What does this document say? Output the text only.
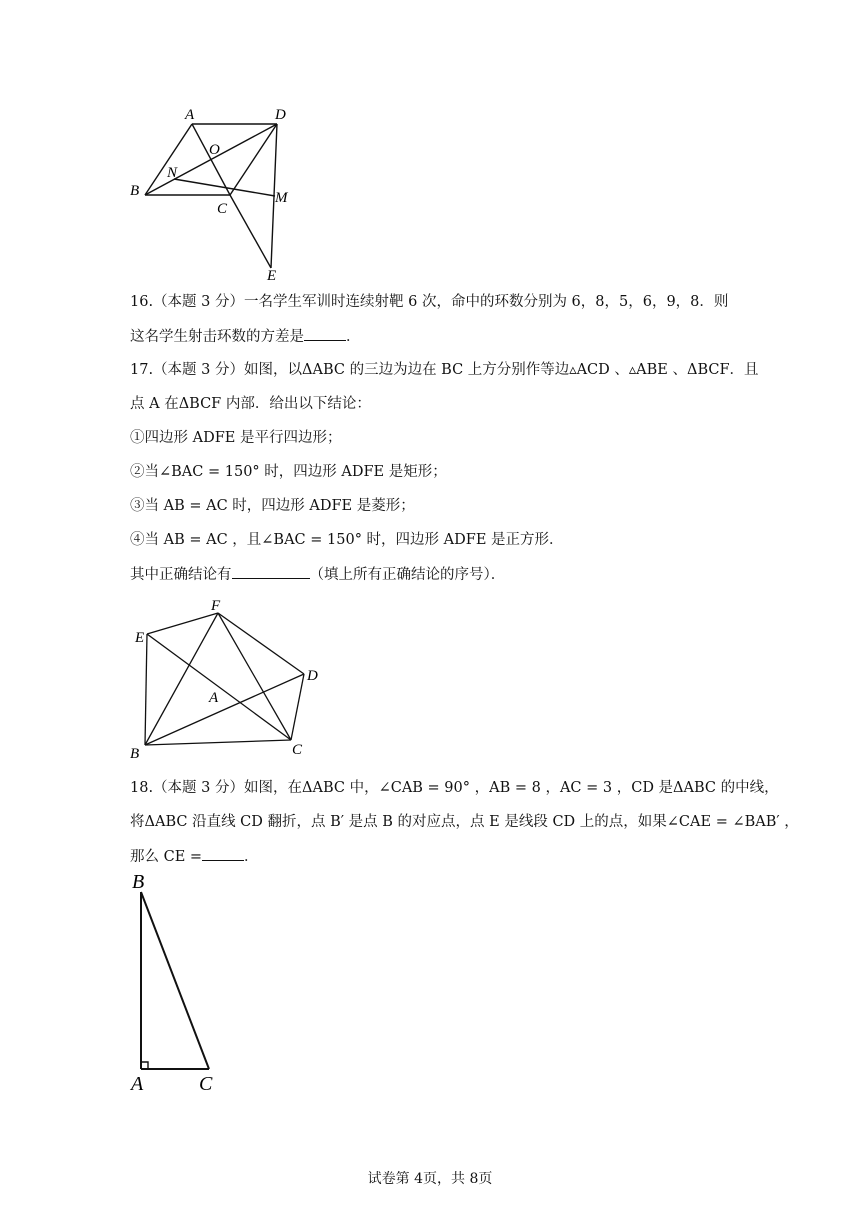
A	D
O
N
B
C
M
E
16.（本题 3 分）一名学生军训时连续射靶 6 次，命中的环数分别为 6，8，5，6，9，8．则
这名学生射击环数的方差是	．
17.（本题 3 分）如图，以ΔABC 的三边为边在 BC 上方分别作等边▵ACD 、▵ABE 、ΔBCF．且
点 A 在ΔBCF 内部．给出以下结论：
①四边形 ADFE 是平行四边形；
②当∠BAC = 150° 时，四边形 ADFE 是矩形；
③当 AB = AC 时，四边形 ADFE 是菱形；
④当 AB = AC ，且∠BAC = 150° 时，四边形 ADFE 是正方形．
其中正确结论有	（填上所有正确结论的序号）．
F
E
D
A
B	C
18.（本题 3 分）如图，在ΔABC 中，∠CAB = 90° ，AB = 8 ，AC = 3 ，CD 是ΔABC 的中线，
将ΔABC 沿直线 CD 翻折，点 B′ 是点 B 的对应点，点 E 是线段 CD 上的点，如果∠CAE = ∠BAB′ ，
那么 CE =	．
B
A	C
试卷第 4页，共 8页
